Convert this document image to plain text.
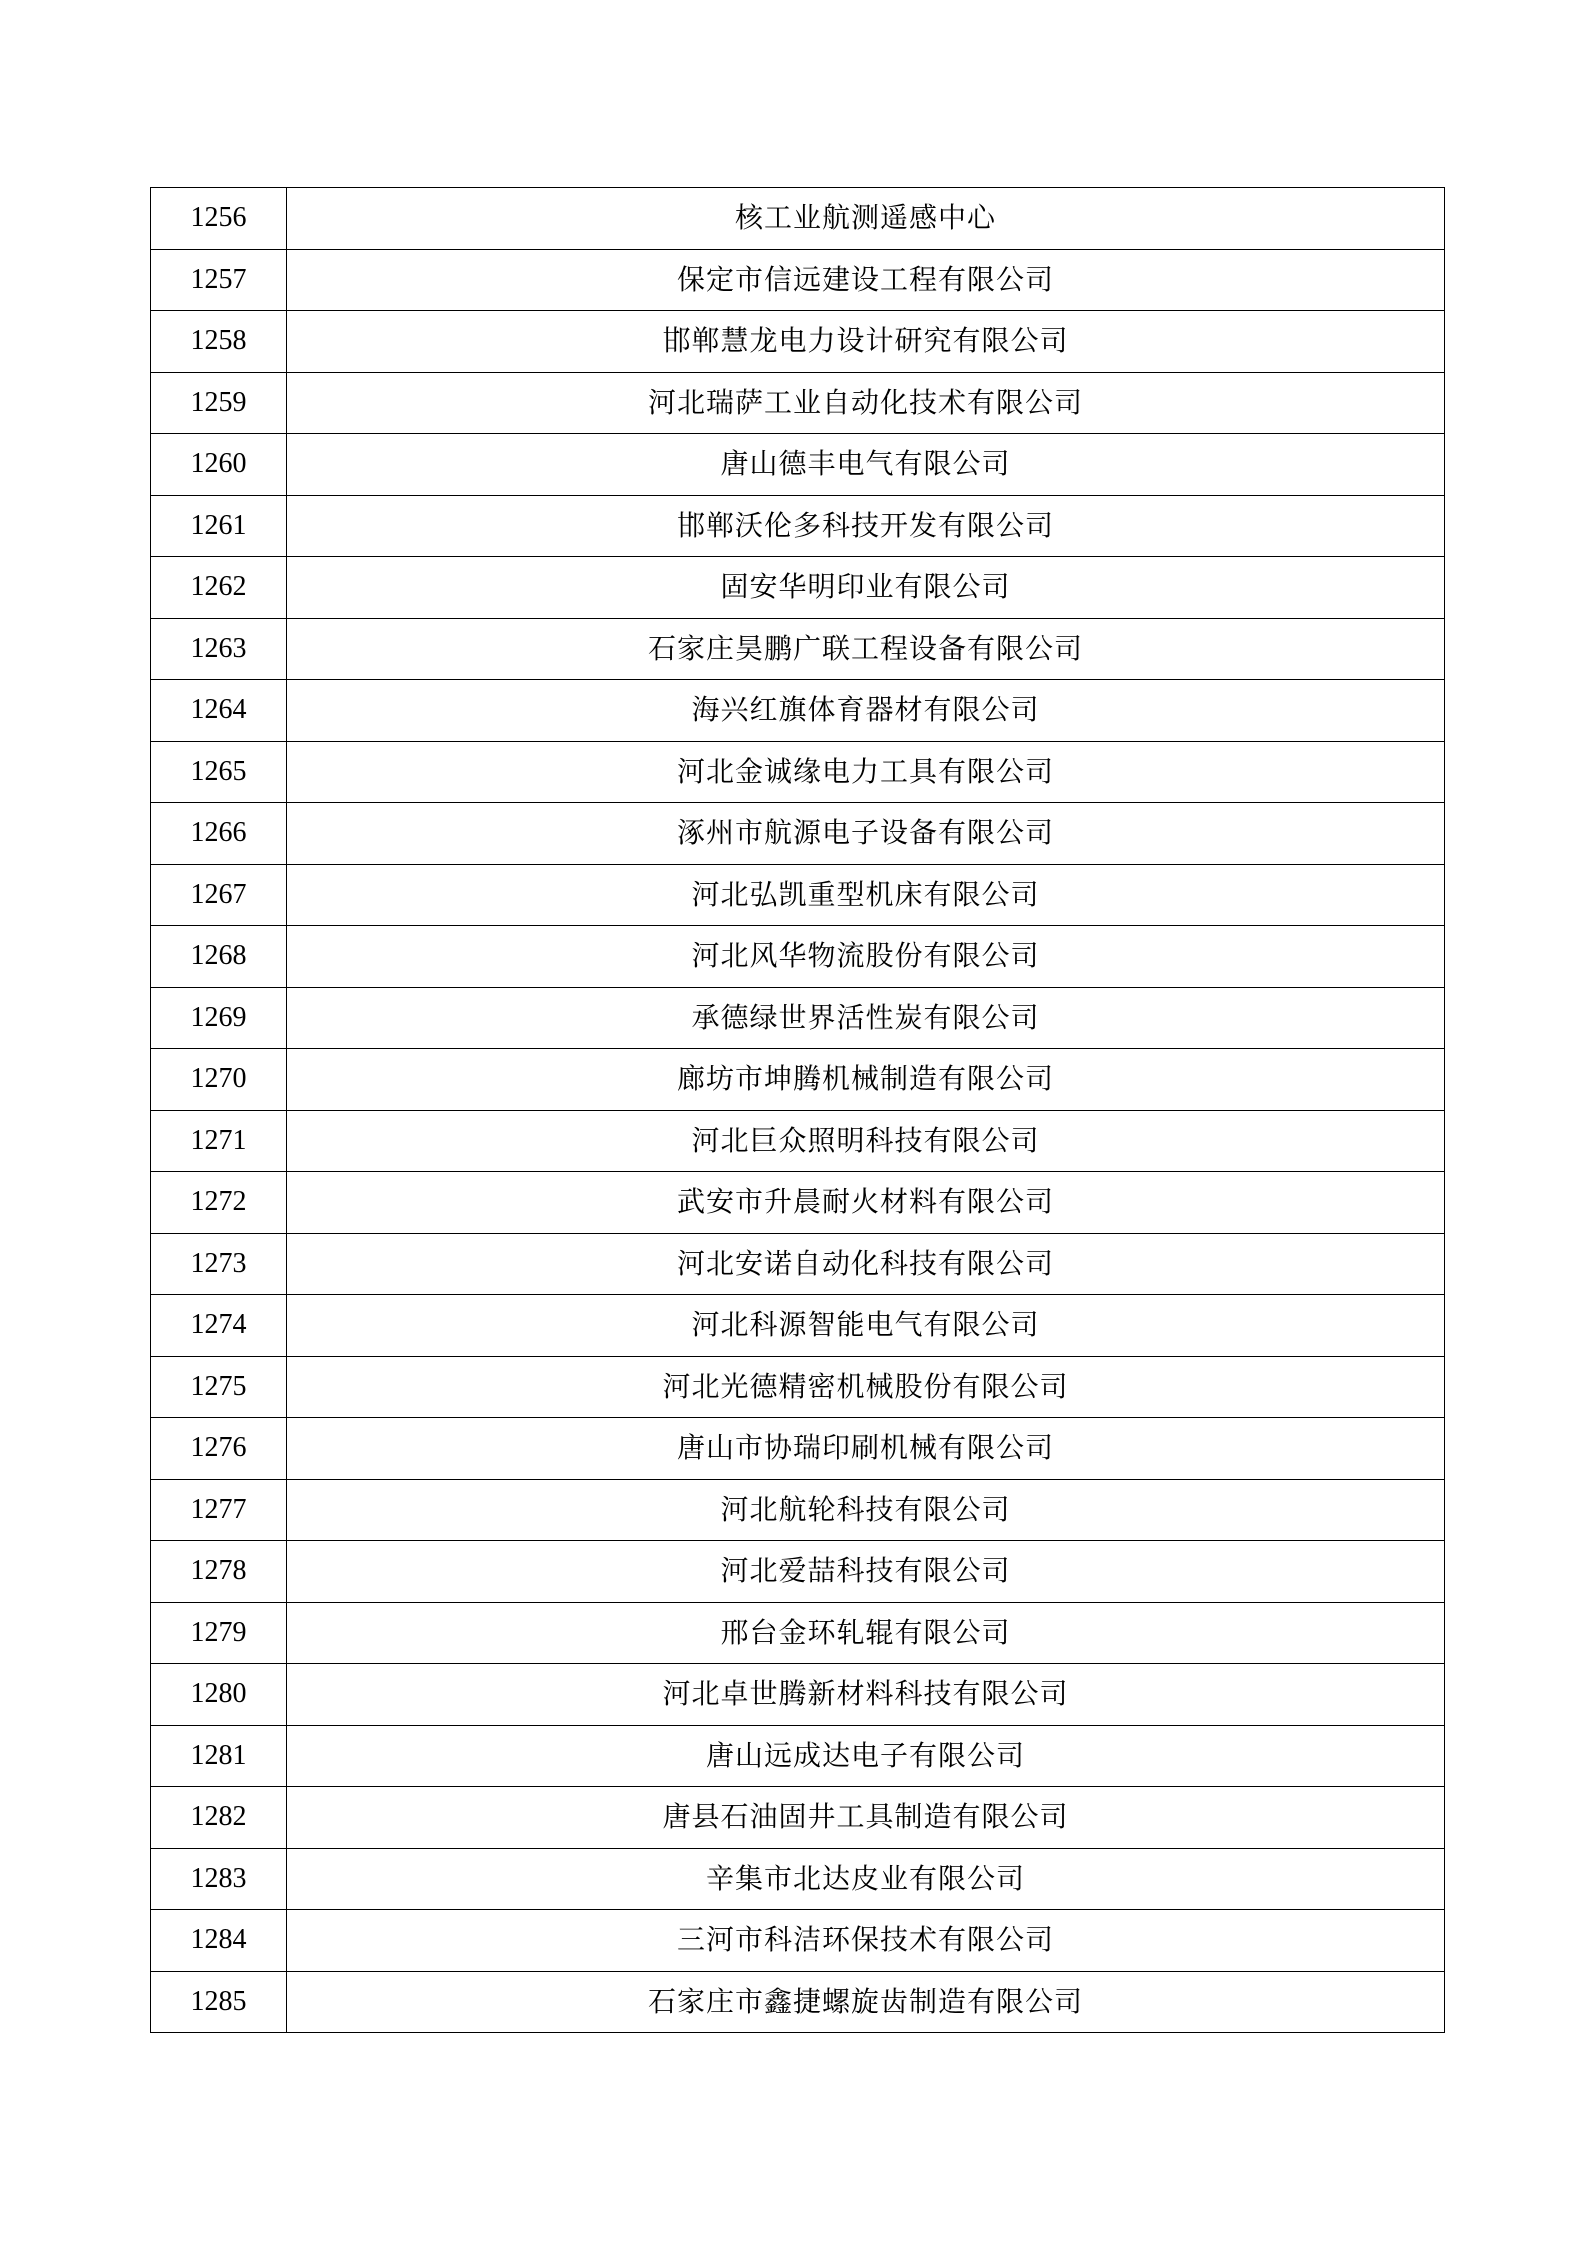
1256	核工业航测遥感中心
1257	保定市信远建设工程有限公司
1258	邯郸慧龙电力设计研究有限公司
1259	河北瑞萨工业自动化技术有限公司
1260	唐山德丰电气有限公司
1261	邯郸沃伦多科技开发有限公司
1262	固安华明印业有限公司
1263	石家庄昊鹏广联工程设备有限公司
1264	海兴红旗体育器材有限公司
1265	河北金诚缘电力工具有限公司
1266	涿州市航源电子设备有限公司
1267	河北弘凯重型机床有限公司
1268	河北风华物流股份有限公司
1269	承德绿世界活性炭有限公司
1270	廊坊市坤腾机械制造有限公司
1271	河北巨众照明科技有限公司
1272	武安市升晨耐火材料有限公司
1273	河北安诺自动化科技有限公司
1274	河北科源智能电气有限公司
1275	河北光德精密机械股份有限公司
1276	唐山市协瑞印刷机械有限公司
1277	河北航轮科技有限公司
1278	河北爱喆科技有限公司
1279	邢台金环轧辊有限公司
1280	河北卓世腾新材料科技有限公司
1281	唐山远成达电子有限公司
1282	唐县石油固井工具制造有限公司
1283	辛集市北达皮业有限公司
1284	三河市科洁环保技术有限公司
1285	石家庄市鑫捷螺旋齿制造有限公司
